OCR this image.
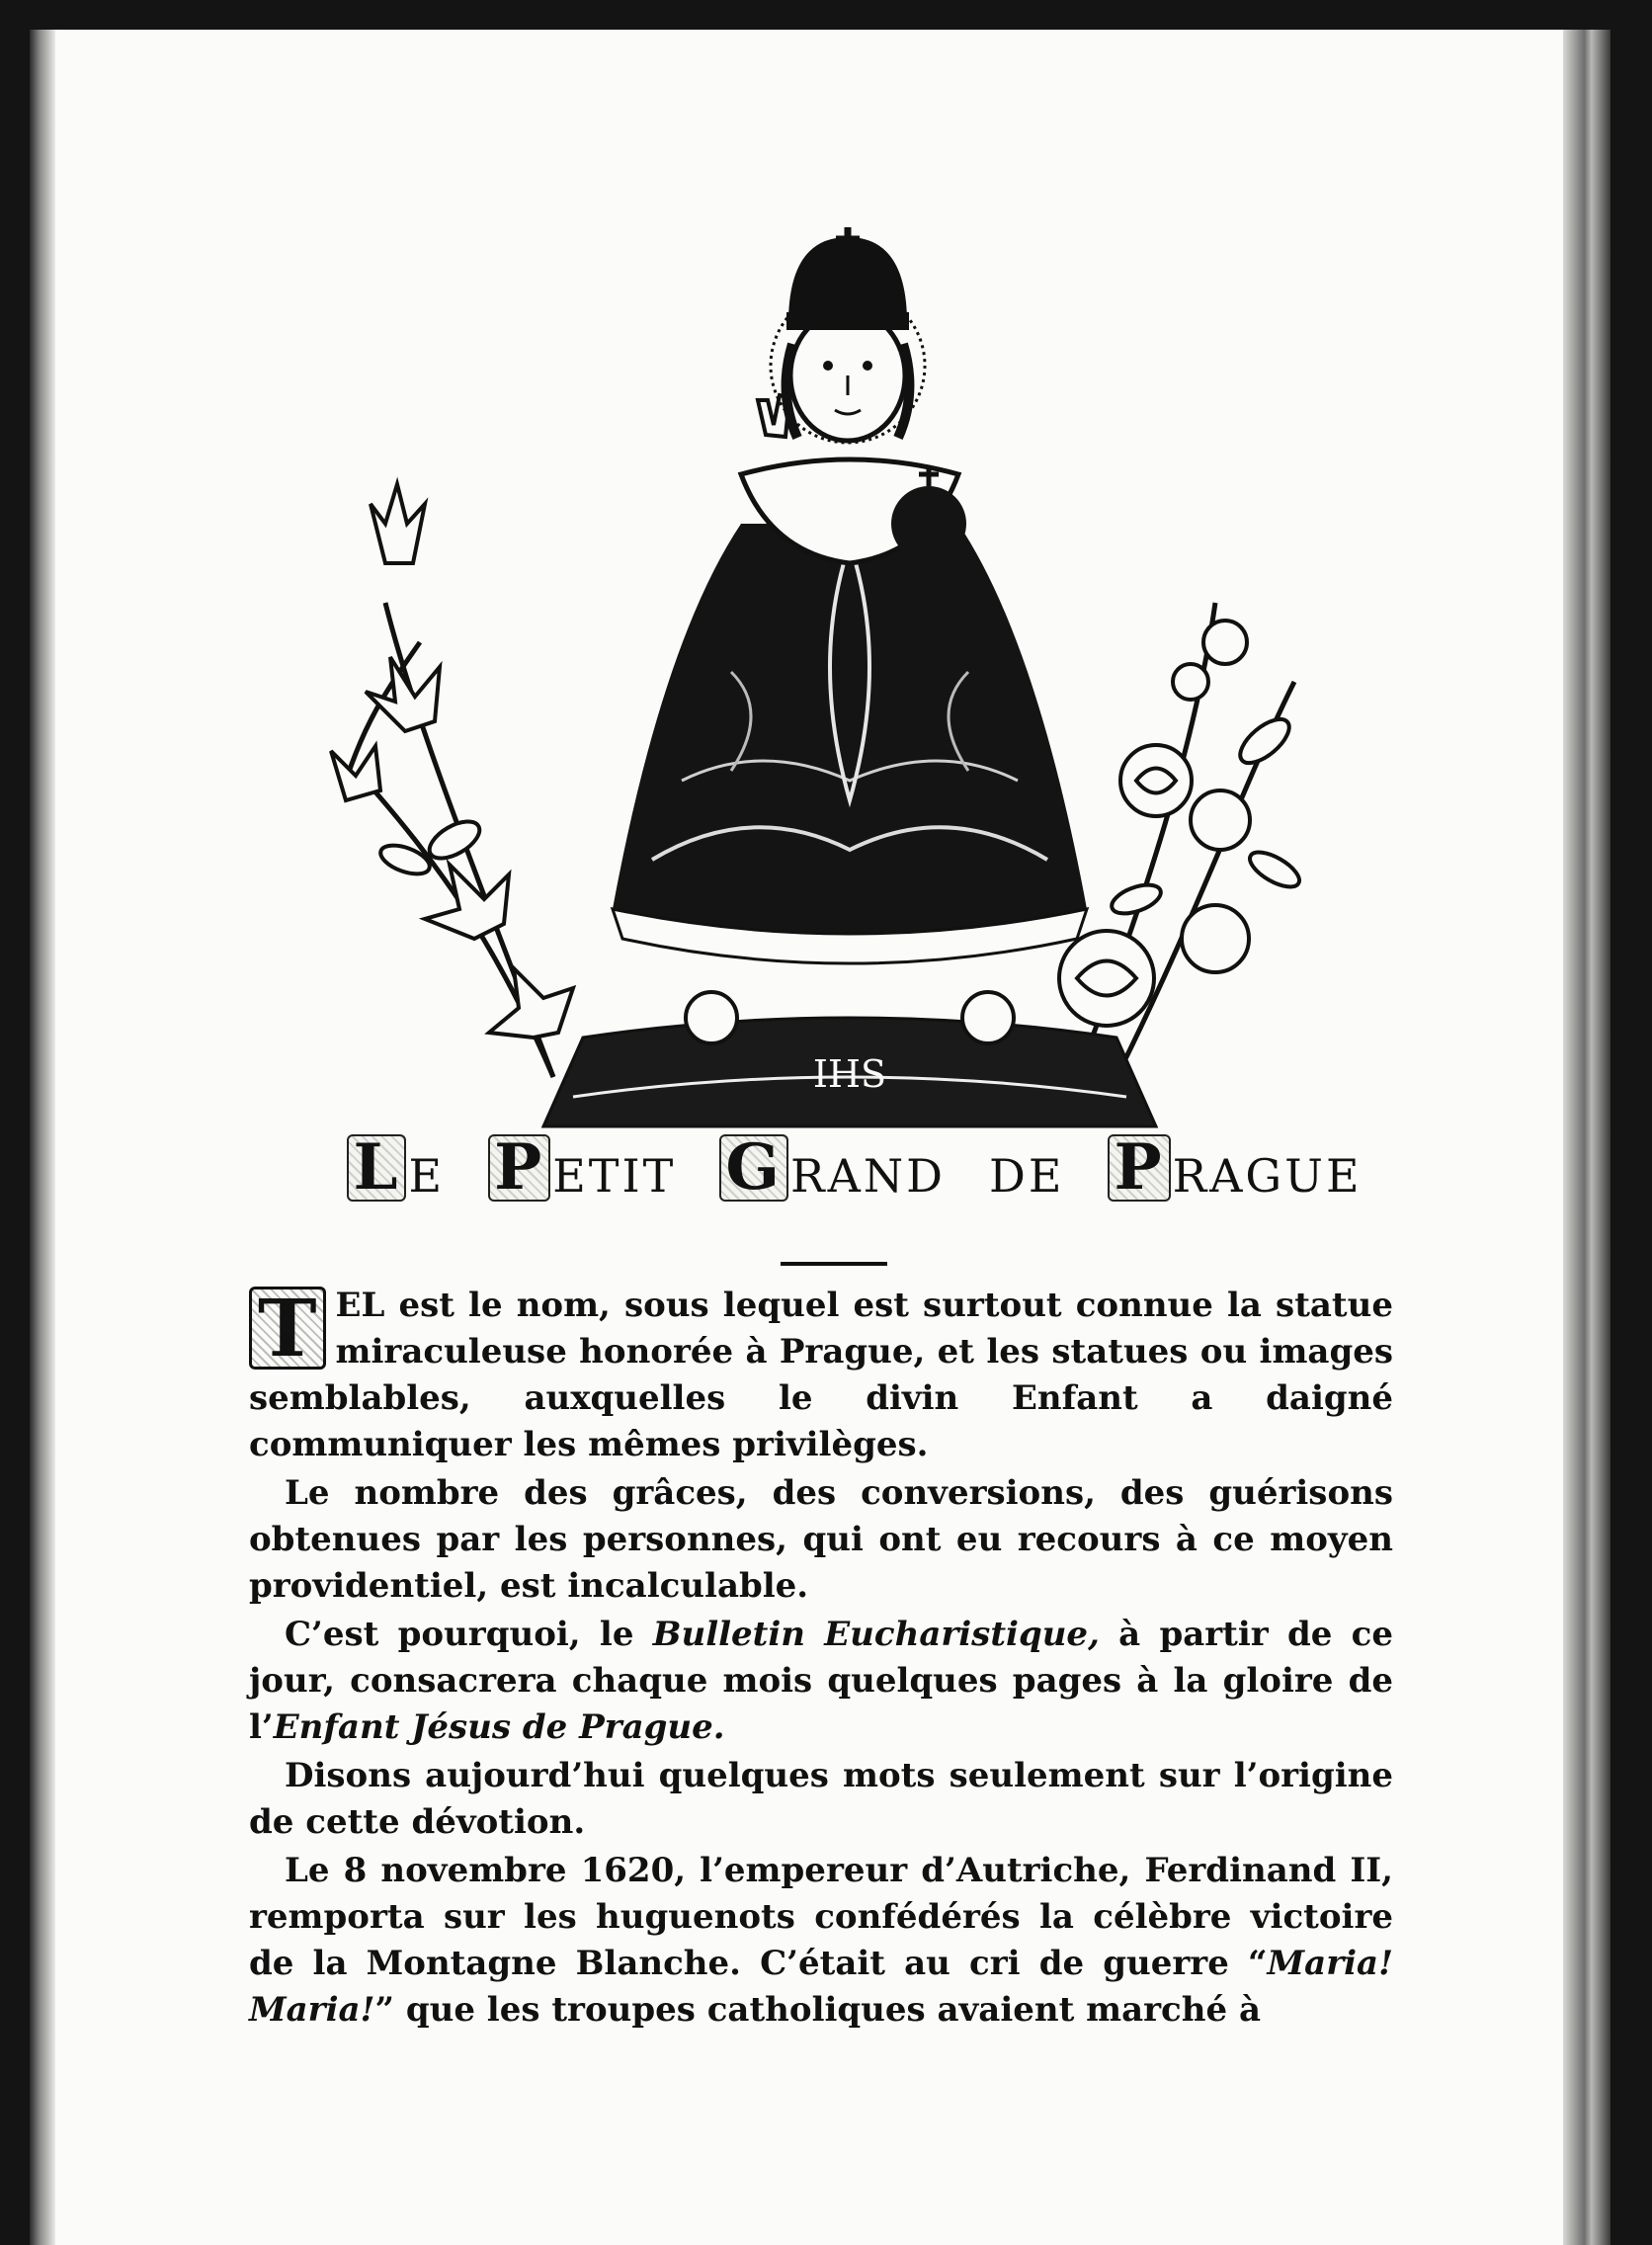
IHS
L E P ETIT G RAND DE P RAGUE

T EL est le nom, sous lequel est surtout connue la statue miraculeuse honorée à Prague, et les statues ou images semblables, auxquelles le divin Enfant a daigné communiquer les mêmes privilèges.

Le nombre des grâces, des conversions, des guérisons obtenues par les personnes, qui ont eu recours à ce moyen providentiel, est incalculable.

C’est pourquoi, le Bulletin Eucharistique, à partir de ce jour, consacrera chaque mois quelques pages à la gloire de l’Enfant Jésus de Prague.

Disons aujourd’hui quelques mots seulement sur l’origine de cette dévotion.

Le 8 novembre 1620, l’empereur d’Autriche, Ferdinand II, remporta sur les huguenots confédérés la célèbre victoire de la Montagne Blanche. C’était au cri de guerre “Maria! Maria!” que les troupes catholiques avaient marché à
